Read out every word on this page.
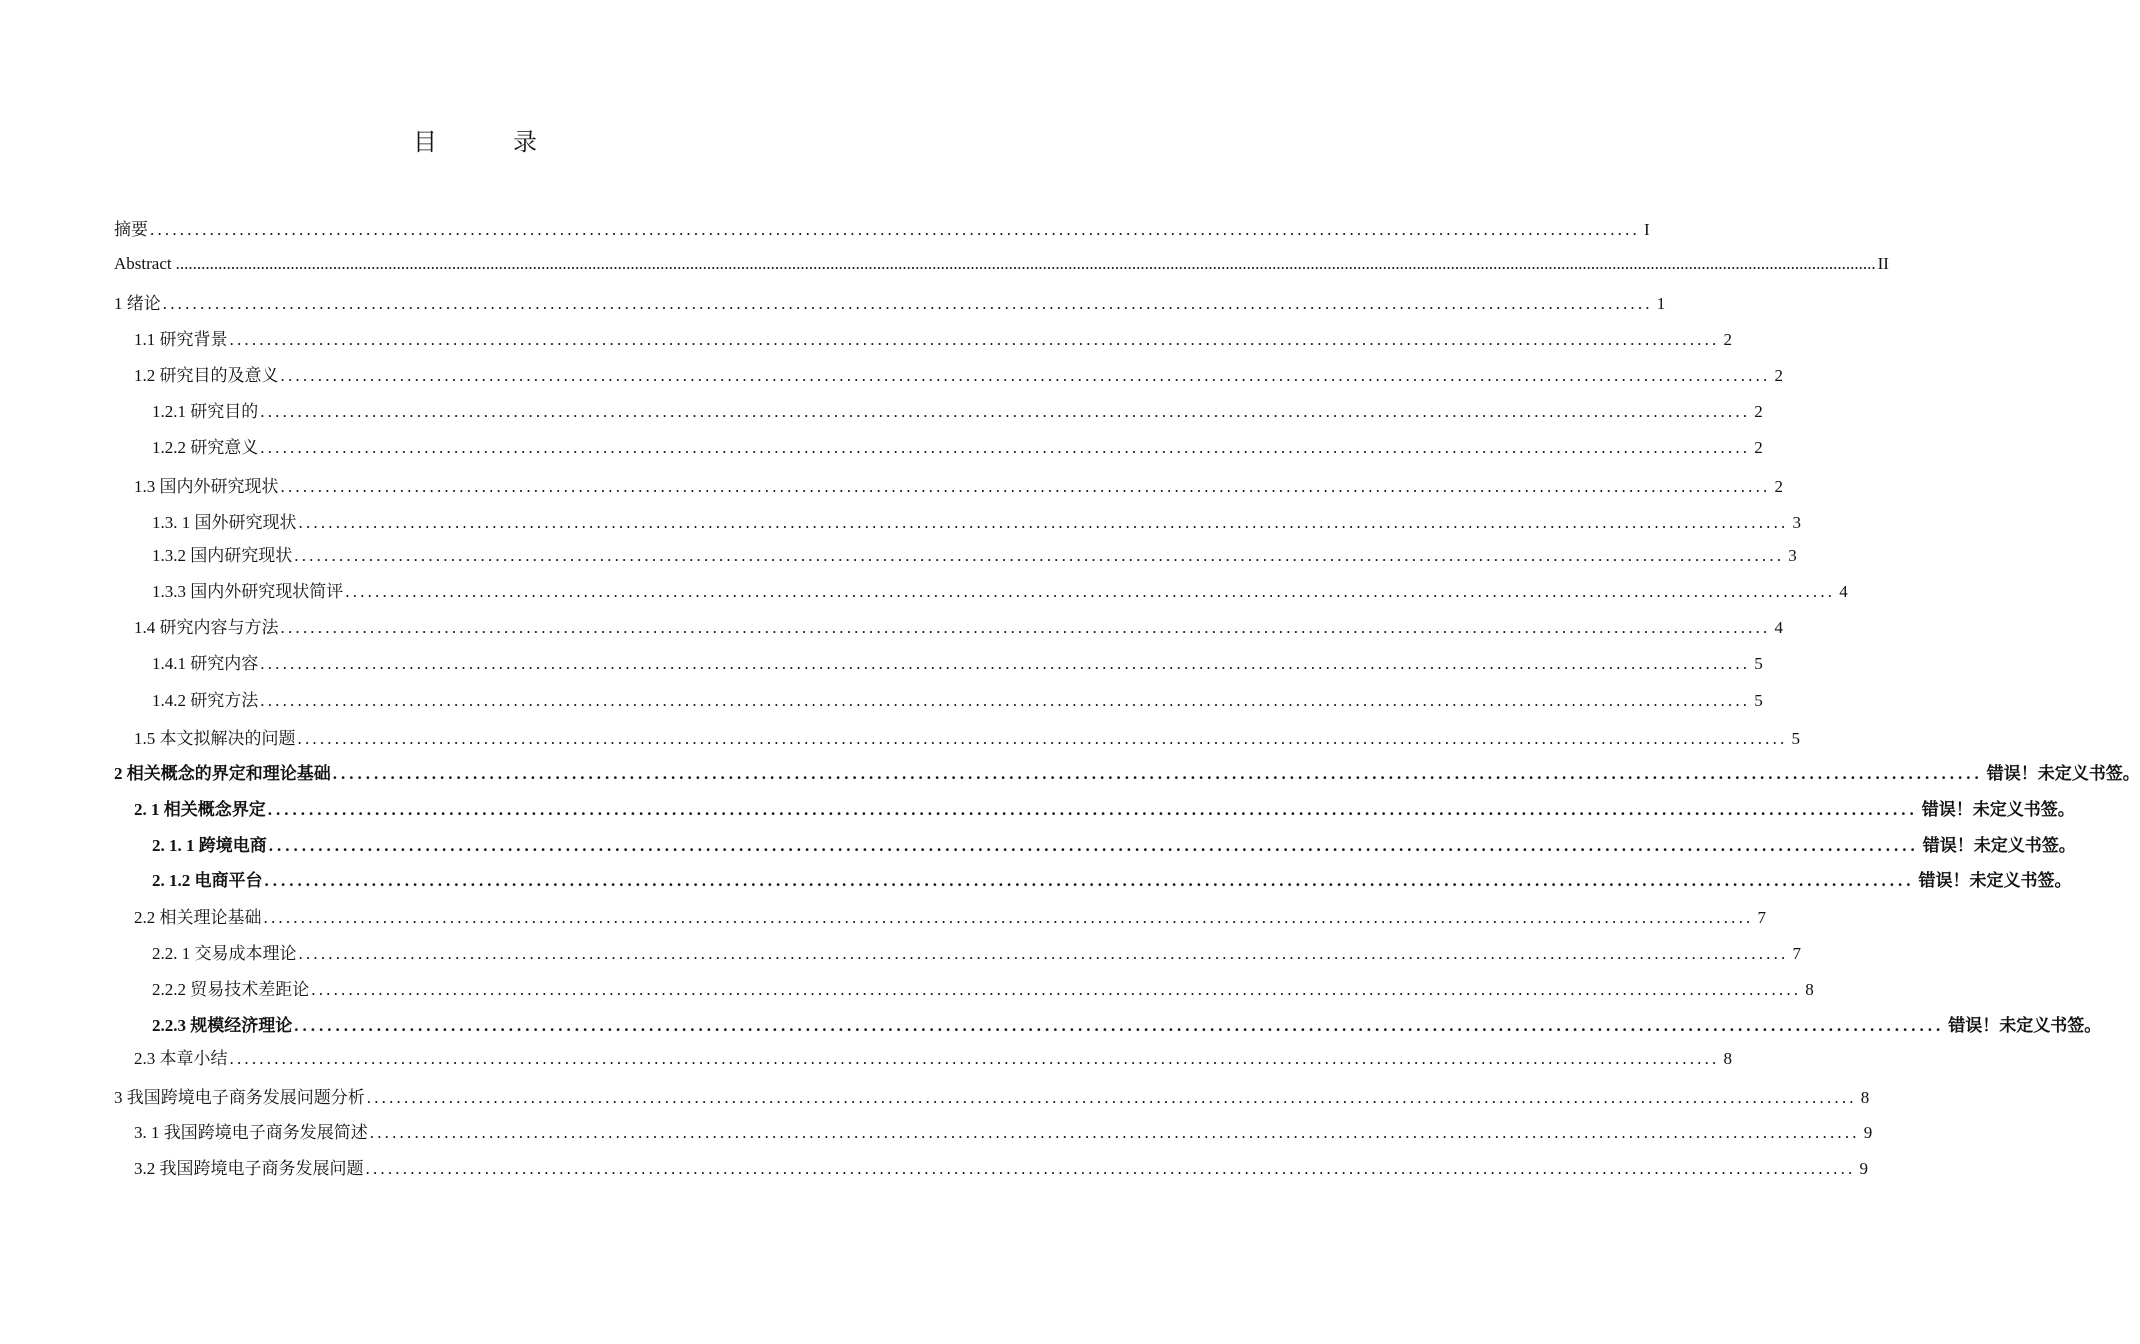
目　录
摘要 ........................................................................................................................................................................................................ I
Abstract ................................................................................................................................................................................................................................................................................................................................................................................................................ II
1 绪论 ........................................................................................................................................................................................................ 1
1.1 研究背景 ........................................................................................................................................................................................................ 2
1.2 研究目的及意义 ........................................................................................................................................................................................................ 2
1.2.1 研究目的 ........................................................................................................................................................................................................ 2
1.2.2 研究意义 ........................................................................................................................................................................................................ 2
1.3 国内外研究现状 ........................................................................................................................................................................................................ 2
1.3. 1 国外研究现状 ........................................................................................................................................................................................................ 3
1.3.2 国内研究现状 ........................................................................................................................................................................................................ 3
1.3.3 国内外研究现状简评 ........................................................................................................................................................................................................ 4
1.4 研究内容与方法 ........................................................................................................................................................................................................ 4
1.4.1 研究内容 ........................................................................................................................................................................................................ 5
1.4.2 研究方法 ........................................................................................................................................................................................................ 5
1.5 本文拟解决的问题 ........................................................................................................................................................................................................ 5
2 相关概念的界定和理论基础 ........................................................................................................................................................................................................ 错误！未定义书签。
2. 1 相关概念界定 ........................................................................................................................................................................................................ 错误！未定义书签。
2. 1. 1 跨境电商 ........................................................................................................................................................................................................ 错误！未定义书签。
2. 1.2 电商平台 ........................................................................................................................................................................................................ 错误！未定义书签。
2.2 相关理论基础 ........................................................................................................................................................................................................ 7
2.2. 1 交易成本理论 ........................................................................................................................................................................................................ 7
2.2.2 贸易技术差距论 ........................................................................................................................................................................................................ 8
2.2.3 规模经济理论 ........................................................................................................................................................................................................ 错误！未定义书签。
2.3 本章小结 ........................................................................................................................................................................................................ 8
3 我国跨境电子商务发展问题分析 ........................................................................................................................................................................................................ 8
3. 1 我国跨境电子商务发展简述 ........................................................................................................................................................................................................ 9
3.2 我国跨境电子商务发展问题 ........................................................................................................................................................................................................ 9
